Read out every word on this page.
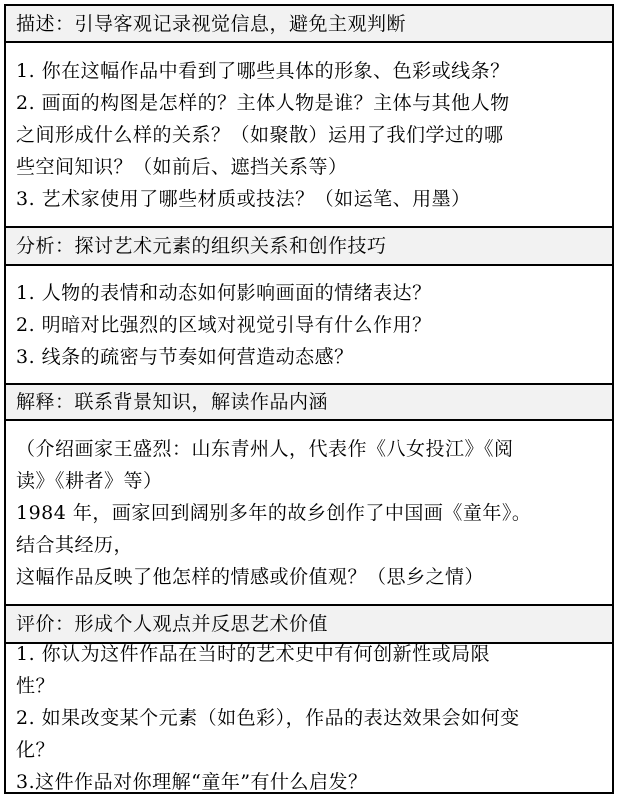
描述：引导客观记录视觉信息，避免主观判断
1. 你在这幅作品中看到了哪些具体的形象、色彩或线条？
2. 画面的构图是怎样的？主体人物是谁？主体与其他人物
之间形成什么样的关系？（如聚散）运用了我们学过的哪
些空间知识？（如前后、遮挡关系等）
3. 艺术家使用了哪些材质或技法？（如运笔、用墨）
分析：探讨艺术元素的组织关系和创作技巧
1. 人物的表情和动态如何影响画面的情绪表达？
2. 明暗对比强烈的区域对视觉引导有什么作用？
3. 线条的疏密与节奏如何营造动态感？
解释：联系背景知识，解读作品内涵
（介绍画家王盛烈：山东青州人，代表作《八女投江》《阅
读》《耕者》等）
1984 年，画家回到阔别多年的故乡创作了中国画《童年》。
结合其经历，
这幅作品反映了他怎样的情感或价值观？（思乡之情）
评价：形成个人观点并反思艺术价值
1. 你认为这件作品在当时的艺术史中有何创新性或局限
性？
2. 如果改变某个元素（如色彩），作品的表达效果会如何变
化？
3.这件作品对你理解“童年”有什么启发？
